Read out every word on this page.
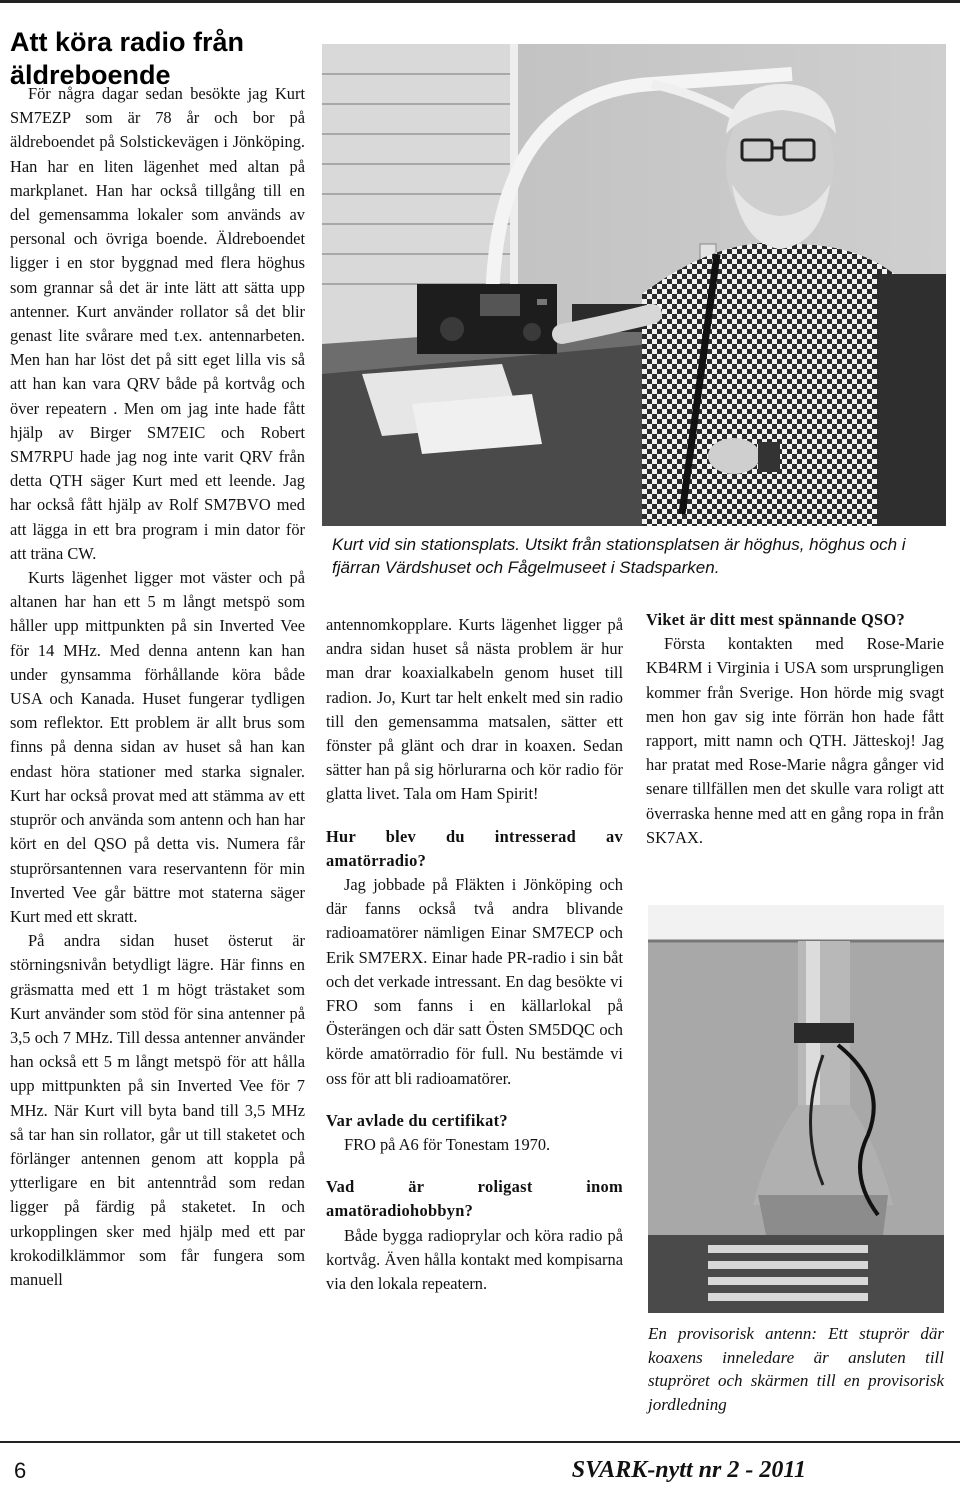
Att köra radio från äldreboende

För några dagar sedan besökte jag Kurt SM7EZP som är 78 år och bor på äldreboendet på Solstickevägen i Jönköping. Han har en liten lägenhet med altan på markplanet. Han har också tillgång till en del gemensamma lokaler som används av personal och övriga boende. Äldreboendet ligger i en stor byggnad med flera höghus som grannar så det är inte lätt att sätta upp antenner. Kurt använder rollator så det blir genast lite svårare med t.ex. antennarbeten. Men han har löst det på sitt eget lilla vis så att han kan vara QRV både på kortvåg och över repeatern . Men om jag inte hade fått hjälp av Birger SM7EIC och Robert SM7RPU hade jag nog inte varit QRV från detta QTH säger Kurt med ett leende. Jag har också fått hjälp av Rolf SM7BVO med att lägga in ett bra program i min dator för att träna CW.

Kurts lägenhet ligger mot väster och på altanen har han ett 5 m långt metspö som håller upp mittpunkten på sin Inverted Vee för 14 MHz. Med denna antenn kan han under gynsamma förhållande köra både USA och Kanada. Huset fungerar tydligen som reflektor. Ett problem är allt brus som finns på denna sidan av huset så han kan endast höra stationer med starka signaler. Kurt har också provat med att stämma av ett stuprör och använda som antenn och han har kört en del QSO på detta vis. Numera får stuprörsantennen vara reservantenn för min Inverted Vee går bättre mot staterna säger Kurt med ett skratt.

På andra sidan huset österut är störningsnivån betydligt lägre. Här finns en gräsmatta med ett 1 m högt trästaket som Kurt använder som stöd för sina antenner på 3,5 och 7 MHz. Till dessa antenner använder han också ett 5 m långt metspö för att hålla upp mittpunkten på sin Inverted Vee för 7 MHz. När Kurt vill byta band till 3,5 MHz så tar han sin rollator, går ut till staketet och förlänger antennen genom att koppla på ytterligare en bit antenntråd som redan ligger på färdig på staketet. In och urkopplingen sker med hjälp med ett par krokodilklämmor som får fungera som manuell

Kurt vid sin stationsplats. Utsikt från stationsplatsen är höghus, höghus och i fjärran Värdshuset och Fågelmuseet i Stadsparken.

antennomkopplare. Kurts lägenhet ligger på andra sidan huset så nästa problem är hur man drar koaxialkabeln genom huset till radion. Jo, Kurt tar helt enkelt med sin radio till den gemensamma matsalen, sätter ett fönster på glänt och drar in koaxen. Sedan sätter han på sig hörlurarna och kör radio för glatta livet. Tala om Ham Spirit!

Hur blev du intresserad av amatörradio?

Jag jobbade på Fläkten i Jönköping och där fanns också två andra blivande radioamatörer nämligen Einar SM7ECP och Erik SM7ERX. Einar hade PR-radio i sin båt och det verkade intressant. En dag besökte vi FRO som fanns i en källarlokal på Österängen och där satt Östen SM5DQC och körde amatörradio för full. Nu bestämde vi oss för att bli radioamatörer.

Var avlade du certifikat?

FRO på A6 för Tonestam 1970.

Vad är roligast inom amatöradiohobbyn?

Både bygga radioprylar och köra radio på kortvåg. Även hålla kontakt med kompisarna via den lokala repeatern.

Viket är ditt mest spännande QSO?

Första kontakten med Rose-Marie KB4RM i Virginia i USA som ursprungligen kommer från Sverige. Hon hörde mig svagt men hon gav sig inte förrän hon hade fått rapport, mitt namn och QTH. Jätteskoj! Jag har pratat med Rose-Marie några gånger vid senare tillfällen men det skulle vara roligt att överraska henne med att en gång ropa in från SK7AX.

En provisorisk antenn: Ett stuprör där koaxens inneledare är ansluten till stupröret och skärmen till en provisorisk jordledning

6	SVARK-nytt nr 2 - 2011
